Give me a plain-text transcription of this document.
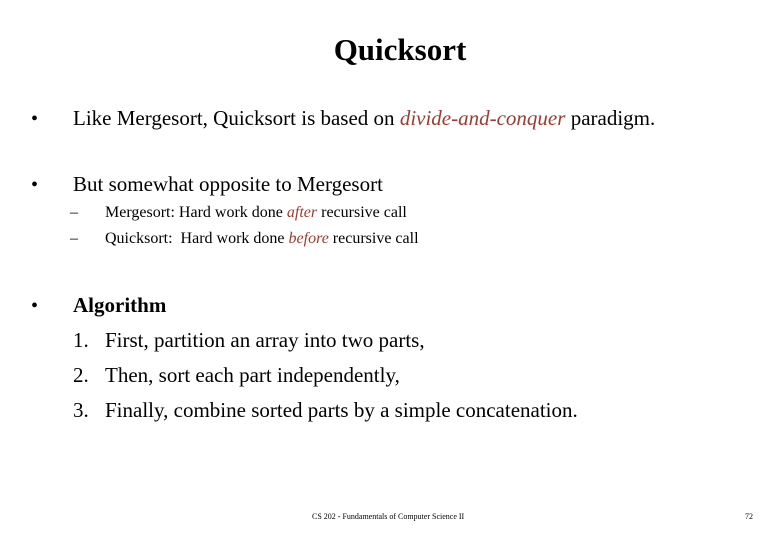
Quicksort
• Like Mergesort, Quicksort is based on divide-and-conquer paradigm.
• But somewhat opposite to Mergesort
– Mergesort: Hard work done after recursive call
– Quicksort:  Hard work done before recursive call
• Algorithm
1. First, partition an array into two parts,
2. Then, sort each part independently,
3. Finally, combine sorted parts by a simple concatenation.
CS 202 - Fundamentals of Computer Science II	72
